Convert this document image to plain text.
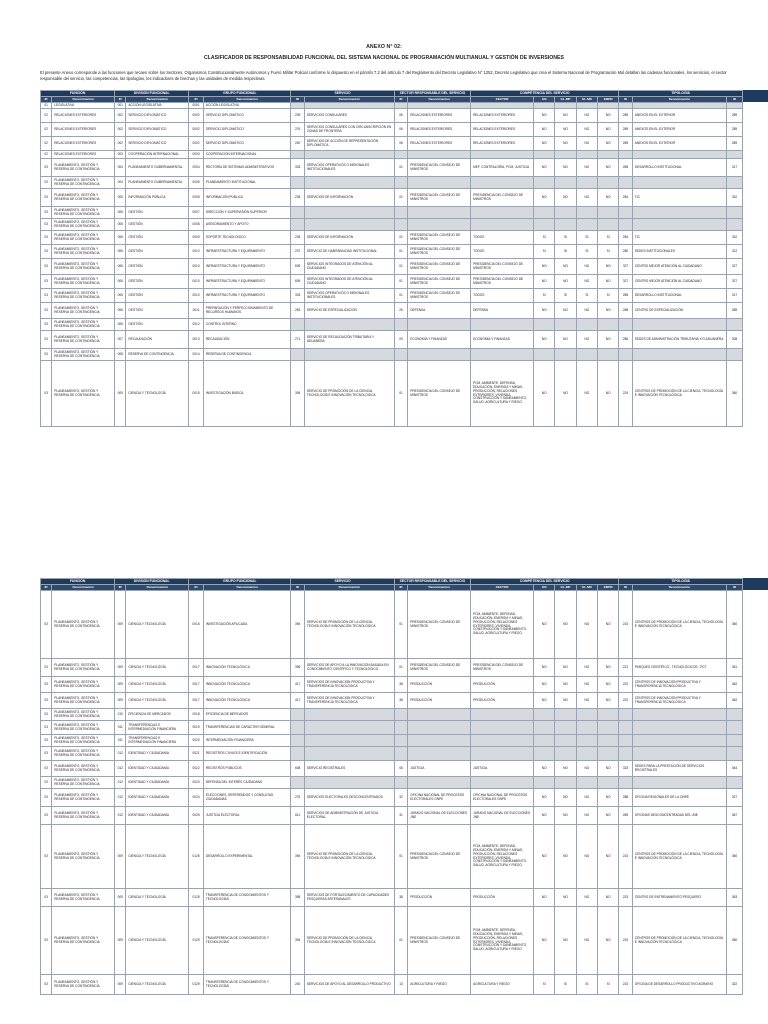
ANEXO N° 02:
CLASIFICADOR DE RESPONSABILIDAD FUNCIONAL DEL SISTEMA NACIONAL DE PROGRAMACIÓN MULTIANUAL Y GESTIÓN DE INVERSIONES
El presente Anexo corresponde a las funciones que recaen sobre los Sectores, Organismos Constitucionalmente Autónomos y Fuero Militar Policial conforme lo dispuesto en el párrafo 7.2 del artículo 7 del Reglamento del Decreto Legislativo N° 1252, Decreto Legislativo que crea el Sistema Nacional de Programación Mul detallan las cadenas funcionales, los servicios, el sector responsable del servicio, las competencias, las tipologías, los indicadores de brechas y las unidades de medida respectivas.
FUNCIÓN		DIVISIÓN FUNCIONAL		GRUPO FUNCIONAL		SERVICIO		SECTOR RESPONSABLE DEL SERVICIO		COMPETENCIA DEL SERVICIO					TIPOLOGÍA		
ID	Denominación	ID	Denominación	ID	Denominación	ID	Denominación	ID	Denominación	SECTOR	GN	GL-MP	GL-MD	EMPR	ID	Denominación	ID
01	LEGISLATIVA	001	ACCIÓN LEGISLATIVA	0001	ACCIÓN LEGISLATIVA												
02	RELACIONES EXTERIORES	002	SERVICIO DIPLOMÁTICO	0002	SERVICIO DIPLOMÁTICO	239	SERVICIOS CONSULARES	06	RELACIONES EXTERIORES	RELACIONES EXTERIORES	NO	NO	NO	NO	289	ANEXOS EN EL EXTERIOR	289
02	RELACIONES EXTERIORES	002	SERVICIO DIPLOMÁTICO	0002	SERVICIO DIPLOMÁTICO	276	SERVICIOS CONSULARES CON CIRCUNSCRIPCIÓN EN ZONAS DE FRONTERA	06	RELACIONES EXTERIORES	RELACIONES EXTERIORES	NO	NO	NO	NO	289	ANEXOS EN EL EXTERIOR	289
02	RELACIONES EXTERIORES	002	SERVICIO DIPLOMÁTICO	0002	SERVICIO DIPLOMÁTICO	240	SERVICIOS DE ACCIÓN DE REPRESENTACIÓN DIPLOMÁTICA	06	RELACIONES EXTERIORES	RELACIONES EXTERIORES	NO	NO	NO	NO	289	ANEXOS EN EL EXTERIOR	289
02	RELACIONES EXTERIORES	003	COOPERACIÓN INTERNACIONAL	0003	COOPERACIÓN INTERNACIONAL												
03	PLANEAMIENTO, GESTIÓN Y RESERVA DE CONTINGENCIA	004	PLANEAMIENTO GUBERNAMENTAL	0004	RECTORÍA DE SISTEMAS ADMINISTRATIVOS	333	SERVICIOS OPERATIVOS O MISIONALES INSTITUCIONALES	01	PRESIDENCIA DEL CONSEJO DE MINISTROS	MEF, CONTRALORÍA, PCM, JUSTICIA	NO	NO	NO	NO	285	DESARROLLO INSTITUCIONAL	317
03	PLANEAMIENTO, GESTIÓN Y RESERVA DE CONTINGENCIA	004	PLANEAMIENTO GUBERNAMENTAL	0005	PLANEAMIENTO INSTITUCIONAL												
03	PLANEAMIENTO, GESTIÓN Y RESERVA DE CONTINGENCIA	005	INFORMACIÓN PÚBLICA	0006	INFORMACIÓN PÚBLICA	235	SERVICIOS DE INFORMACIÓN	01	PRESIDENCIA DEL CONSEJO DE MINISTROS	PRESIDENCIA DEL CONSEJO DE MINISTROS	NO	NO	NO	NO	284	TIC	310
03	PLANEAMIENTO, GESTIÓN Y RESERVA DE CONTINGENCIA	006	GESTIÓN	0007	DIRECCIÓN Y SUPERVISIÓN SUPERIOR												
03	PLANEAMIENTO, GESTIÓN Y RESERVA DE CONTINGENCIA	006	GESTIÓN	0008	ASESORAMIENTO Y APOYO												
03	PLANEAMIENTO, GESTIÓN Y RESERVA DE CONTINGENCIA	006	GESTIÓN	0009	SOPORTE TECNOLÓGICO	235	SERVICIOS DE INFORMACIÓN	01	PRESIDENCIA DEL CONSEJO DE MINISTROS	TODOS	SI	SI	SI	SI	284	TIC	310
03	PLANEAMIENTO, GESTIÓN Y RESERVA DE CONTINGENCIA	006	GESTIÓN	0010	INFRAESTRUCTURA Y EQUIPAMIENTO	237	SERVICIO DE HABITABILIDAD INSTITUCIONAL	01	PRESIDENCIA DEL CONSEJO DE MINISTROS	TODOS	SI	SI	SI	SI	280	SEDES INSTITUCIONALES	312
03	PLANEAMIENTO, GESTIÓN Y RESERVA DE CONTINGENCIA	006	GESTIÓN	0010	INFRAESTRUCTURA Y EQUIPAMIENTO	609	SERVICIOS INTEGRADOS DE ATENCIÓN AL CIUDADANO	01	PRESIDENCIA DEL CONSEJO DE MINISTROS	PRESIDENCIA DEL CONSEJO DE MINISTROS	NO	NO	NO	NO	327	CENTRO MEJOR ATENCIÓN AL CIUDADANO	327
03	PLANEAMIENTO, GESTIÓN Y RESERVA DE CONTINGENCIA	006	GESTIÓN	0010	INFRAESTRUCTURA Y EQUIPAMIENTO	609	SERVICIOS INTEGRADOS DE ATENCIÓN AL CIUDADANO	01	PRESIDENCIA DEL CONSEJO DE MINISTROS	PRESIDENCIA DEL CONSEJO DE MINISTROS	NO	NO	NO	NO	327	CENTRO MEJOR ATENCIÓN AL CIUDADANO	327
03	PLANEAMIENTO, GESTIÓN Y RESERVA DE CONTINGENCIA	006	GESTIÓN	0010	INFRAESTRUCTURA Y EQUIPAMIENTO	333	SERVICIOS OPERATIVOS O MISIONALES INSTITUCIONALES	01	PRESIDENCIA DEL CONSEJO DE MINISTROS	TODOS	SI	SI	SI	SI	285	DESARROLLO INSTITUCIONAL	317
03	PLANEAMIENTO, GESTIÓN Y RESERVA DE CONTINGENCIA	006	GESTIÓN	0011	PREPARACIÓN Y PERFECCIONAMIENTO DE RECURSOS HUMANOS	263	SERVICIO DE ESPECIALIZACIÓN	26	DEFENSA	DEFENSA	NO	NO	NO	NO	268	CENTRO DE ESPECIALIZACIÓN	285
03	PLANEAMIENTO, GESTIÓN Y RESERVA DE CONTINGENCIA	006	GESTIÓN	0012	CONTROL INTERNO												
03	PLANEAMIENTO, GESTIÓN Y RESERVA DE CONTINGENCIA	007	RECAUDACIÓN	0013	RECAUDACIÓN	271	SERVICIO DE RECAUDACIÓN TRIBUTARIA Y ADUANERA	09	ECONOMÍA Y FINANZAS	ECONOMÍA Y FINANZAS	NO	NO	NO	NO	286	SEDES DE ADMINISTRACIÓN TRIBUTARIA Y/O ADUANERA	308
03	PLANEAMIENTO, GESTIÓN Y RESERVA DE CONTINGENCIA	008	RESERVA DE CONTINGENCIA	0014	RESERVA DE CONTINGENCIA												
03	PLANEAMIENTO, GESTIÓN Y RESERVA DE CONTINGENCIA	009	CIENCIA Y TECNOLOGÍA	0015	INVESTIGACIÓN BÁSICA	394	SERVICIO DE PROMOCIÓN DE LA CIENCIA, TECNOLOGÍA E INNOVACIÓN TECNOLÓGICA	01	PRESIDENCIA DEL CONSEJO DE MINISTROS	PCM, AMBIENTE, DEFENSA, EDUCACIÓN, ENERGÍA Y MINAS, PRODUCCIÓN, RELACIONES EXTERIORES, VIVIENDA, CONSTRUCCIÓN Y SANEAMIENTO, SALUD, AGRICULTURA Y RIEGO	NO	NO	NO	NO	224	CENTROS DE PROMOCIÓN DE LA CIENCIA, TECNOLOGÍA E INNOVACIÓN TECNOLÓGICA	360
FUNCIÓN		DIVISIÓN FUNCIONAL		GRUPO FUNCIONAL		SERVICIO		SECTOR RESPONSABLE DEL SERVICIO		COMPETENCIA DEL SERVICIO					TIPOLOGÍA		
ID	Denominación	ID	Denominación	ID	Denominación	ID	Denominación	ID	Denominación	SECTOR	GN	GL-MP	GL-MD	EMPR	ID	Denominación	ID
03	PLANEAMIENTO, GESTIÓN Y RESERVA DE CONTINGENCIA	009	CIENCIA Y TECNOLOGÍA	0016	INVESTIGACIÓN APLICADA	394	SERVICIO DE PROMOCIÓN DE LA CIENCIA, TECNOLOGÍA E INNOVACIÓN TECNOLÓGICA	01	PRESIDENCIA DEL CONSEJO DE MINISTROS	PCM, AMBIENTE, DEFENSA, EDUCACIÓN, ENERGÍA Y MINAS, PRODUCCIÓN, RELACIONES EXTERIORES, VIVIENDA, CONSTRUCCIÓN Y SANEAMIENTO, SALUD, AGRICULTURA Y RIEGO	NO	NO	NO	NO	224	CENTROS DE PROMOCIÓN DE LA CIENCIA, TECNOLOGÍA E INNOVACIÓN TECNOLÓGICA	360
03	PLANEAMIENTO, GESTIÓN Y RESERVA DE CONTINGENCIA	009	CIENCIA Y TECNOLOGÍA	0017	INNOVACIÓN TECNOLÓGICA	396	SERVICIOS DE APOYO A LA INNOVACIÓN BASADA EN CONOCIMIENTO CIENTÍFICO Y TECNOLÓGICO	01	PRESIDENCIA DEL CONSEJO DE MINISTROS	PRESIDENCIA DEL CONSEJO DE MINISTROS	NO	NO	NO	NO	221	PARQUES CIENTÍFICO - TECNOLÓGICOS - PCT	361
03	PLANEAMIENTO, GESTIÓN Y RESERVA DE CONTINGENCIA	009	CIENCIA Y TECNOLOGÍA	0017	INNOVACIÓN TECNOLÓGICA	417	SERVICIOS DE INNOVACIÓN PRODUCTIVA Y TRANSFERENCIA TECNOLÓGICA	38	PRODUCCIÓN	PRODUCCIÓN	NO	NO	NO	NO	222	CENTROS DE INNOVACIÓN PRODUCTIVA Y TRANSFERENCIA TECNOLÓGICA	362
03	PLANEAMIENTO, GESTIÓN Y RESERVA DE CONTINGENCIA	009	CIENCIA Y TECNOLOGÍA	0017	INNOVACIÓN TECNOLÓGICA	417	SERVICIOS DE INNOVACIÓN PRODUCTIVA Y TRANSFERENCIA TECNOLÓGICA	38	PRODUCCIÓN	PRODUCCIÓN	NO	NO	NO	NO	222	CENTROS DE INNOVACIÓN PRODUCTIVA Y TRANSFERENCIA TECNOLÓGICA	362
03	PLANEAMIENTO, GESTIÓN Y RESERVA DE CONTINGENCIA	010	EFICIENCIA DE MERCADOS	0018	EFICIENCIA DE MERCADOS												
03	PLANEAMIENTO, GESTIÓN Y RESERVA DE CONTINGENCIA	011	TRANSFERENCIAS E INTERMEDIACIÓN FINANCIERA	0019	TRANSFERENCIAS DE CARÁCTER GENERAL												
03	PLANEAMIENTO, GESTIÓN Y RESERVA DE CONTINGENCIA	011	TRANSFERENCIAS E INTERMEDIACIÓN FINANCIERA	0020	INTERMEDIACIÓN FINANCIERA												
03	PLANEAMIENTO, GESTIÓN Y RESERVA DE CONTINGENCIA	012	IDENTIDAD Y CIUDADANÍA	0021	REGISTROS CIVILES E IDENTIFICACIÓN												
03	PLANEAMIENTO, GESTIÓN Y RESERVA DE CONTINGENCIA	012	IDENTIDAD Y CIUDADANÍA	0022	REGISTROS PÚBLICOS	608	SERVICIO REGISTRALES	06	JUSTICIA	JUSTICIA	NO	NO	NO	NO	323	SEDES PARA LA PRESTACIÓN DE SERVICIOS REGISTRALES	344
03	PLANEAMIENTO, GESTIÓN Y RESERVA DE CONTINGENCIA	012	IDENTIDAD Y CIUDADANÍA	0023	DEFENSA DEL INTERÉS CIUDADANO												
03	PLANEAMIENTO, GESTIÓN Y RESERVA DE CONTINGENCIA	012	IDENTIDAD Y CIUDADANÍA	0024	ELECCIONES, REFERENDOS Y CONSULTAS CIUDADANAS	276	SERVICIOS ELECTORALES DESCONCENTRADOS	32	OFICINA NACIONAL DE PROCESOS ELECTORALES ONPE	OFICINA NACIONAL DE PROCESOS ELECTORALES ONPE	NO	NO	NO	NO	288	OFICINA REGIONALES DE LA ONPE	327
03	PLANEAMIENTO, GESTIÓN Y RESERVA DE CONTINGENCIA	012	IDENTIDAD Y CIUDADANÍA	0025	JUSTICIA ELECTORAL	611	SERVICIOS DE ADMINISTRACIÓN DE JUSTICIA ELECTORAL	31	JURADO NACIONAL DE ELECCIONES JNE	JURADO NACIONAL DE ELECCIONES JNE	NO	NO	NO	NO	289	OFICINAS DESCONCENTRADAS DEL JNE	367
03	PLANEAMIENTO, GESTIÓN Y RESERVA DE CONTINGENCIA	009	CIENCIA Y TECNOLOGÍA	0126	DESARROLLO EXPERIMENTAL	394	SERVICIO DE PROMOCIÓN DE LA CIENCIA, TECNOLOGÍA E INNOVACIÓN TECNOLÓGICA	01	PRESIDENCIA DEL CONSEJO DE MINISTROS	PCM, AMBIENTE, DEFENSA, EDUCACIÓN, ENERGÍA Y MINAS, PRODUCCIÓN, RELACIONES EXTERIORES, VIVIENDA, CONSTRUCCIÓN Y SANEAMIENTO, SALUD, AGRICULTURA Y RIEGO	NO	NO	NO	NO	224	CENTROS DE PROMOCIÓN DE LA CIENCIA, TECNOLOGÍA E INNOVACIÓN TECNOLÓGICA	360
03	PLANEAMIENTO, GESTIÓN Y RESERVA DE CONTINGENCIA	009	CIENCIA Y TECNOLOGÍA	0129	TRANSFERENCIA DE CONOCIMIENTOS Y TECNOLOGÍAS	398	SERVICIOS DE FORTALECIMIENTO DE CAPACIDADES PESQUERAS ARTESANALES	38	PRODUCCIÓN	PRODUCCIÓN	NO	NO	NO	NO	223	CENTRO DE ENTRENAMIENTO PESQUERO	363
03	PLANEAMIENTO, GESTIÓN Y RESERVA DE CONTINGENCIA	009	CIENCIA Y TECNOLOGÍA	0129	TRANSFERENCIA DE CONOCIMIENTOS Y TECNOLOGÍAS	394	SERVICIO DE PROMOCIÓN DE LA CIENCIA, TECNOLOGÍA E INNOVACIÓN TECNOLÓGICA	01	PRESIDENCIA DEL CONSEJO DE MINISTROS	PCM, AMBIENTE, DEFENSA, EDUCACIÓN, ENERGÍA Y MINAS, PRODUCCIÓN, RELACIONES EXTERIORES, VIVIENDA, CONSTRUCCIÓN Y SANEAMIENTO, SALUD, AGRICULTURA Y RIEGO	NO	NO	NO	NO	224	CENTROS DE PROMOCIÓN DE LA CIENCIA, TECNOLOGÍA E INNOVACIÓN TECNOLÓGICA	360
03	PLANEAMIENTO, GESTIÓN Y RESERVA DE CONTINGENCIA	009	CIENCIA Y TECNOLOGÍA	0129	TRANSFERENCIA DE CONOCIMIENTOS Y TECNOLOGÍAS	240	SERVICIOS DE APOYO AL DESARROLLO PRODUCTIVO	13	AGRICULTURA Y RIEGO	AGRICULTURA Y RIEGO	SI	SI	SI	SI	224	OFICINA DE DESARROLLO PRODUCTIVO AGRARIO	322
